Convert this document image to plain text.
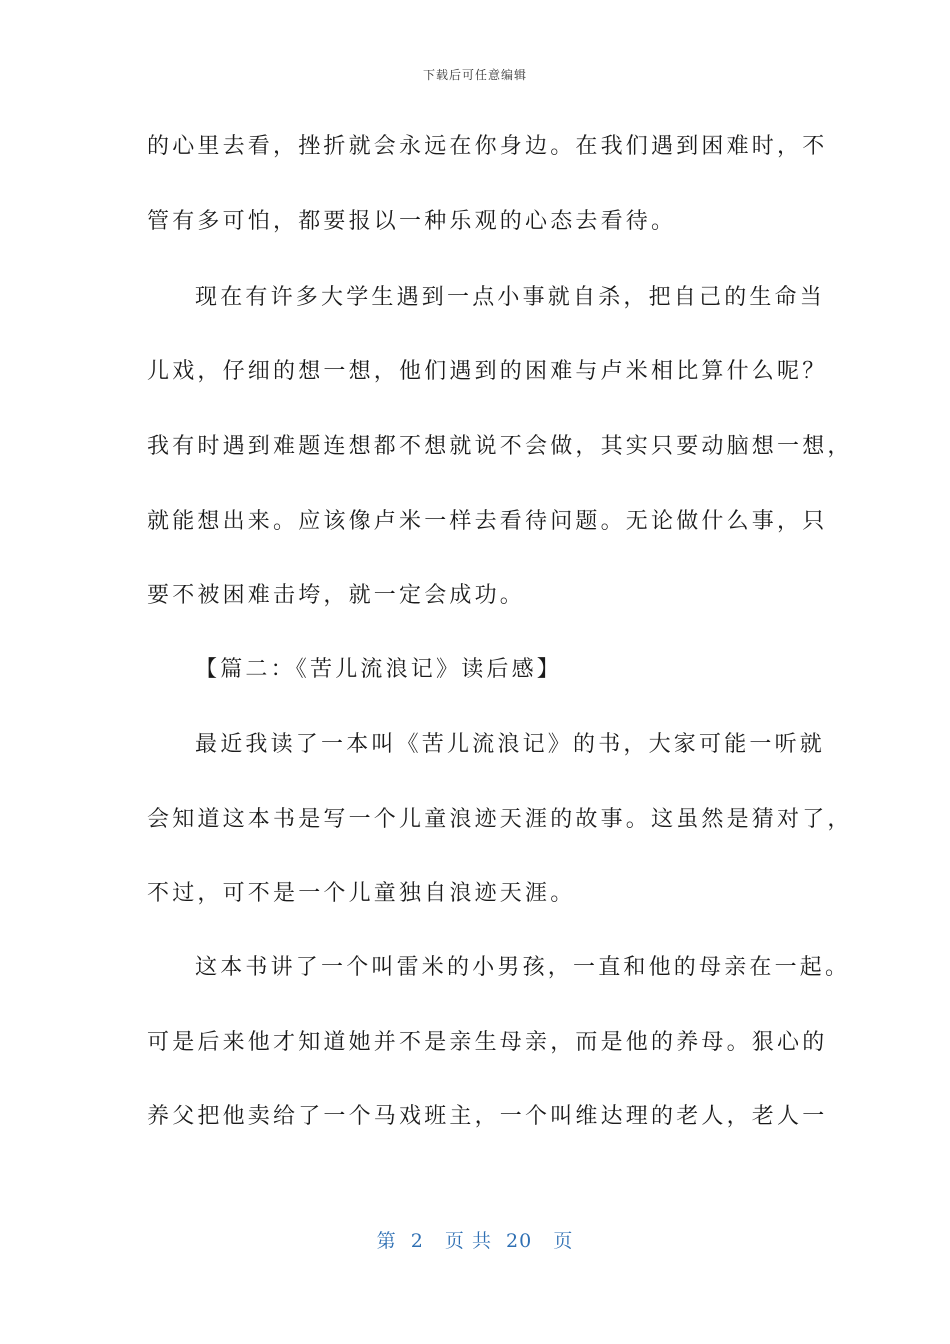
下载后可任意编辑
的心里去看，挫折就会永远在你身边。在我们遇到困难时，不
管有多可怕，都要报以一种乐观的心态去看待。
现在有许多大学生遇到一点小事就自杀，把自己的生命当
儿戏，仔细的想一想，他们遇到的困难与卢米相比算什么呢？
我有时遇到难题连想都不想就说不会做，其实只要动脑想一想，
就能想出来。应该像卢米一样去看待问题。无论做什么事，只
要不被困难击垮，就一定会成功。
【篇二：《苦儿流浪记》读后感】
最近我读了一本叫《苦儿流浪记》的书，大家可能一听就
会知道这本书是写一个儿童浪迹天涯的故事。这虽然是猜对了，
不过，可不是一个儿童独自浪迹天涯。
这本书讲了一个叫雷米的小男孩，一直和他的母亲在一起。
可是后来他才知道她并不是亲生母亲，而是他的养母。狠心的
养父把他卖给了一个马戏班主，一个叫维达理的老人，老人一
第  2   页 共  20   页
